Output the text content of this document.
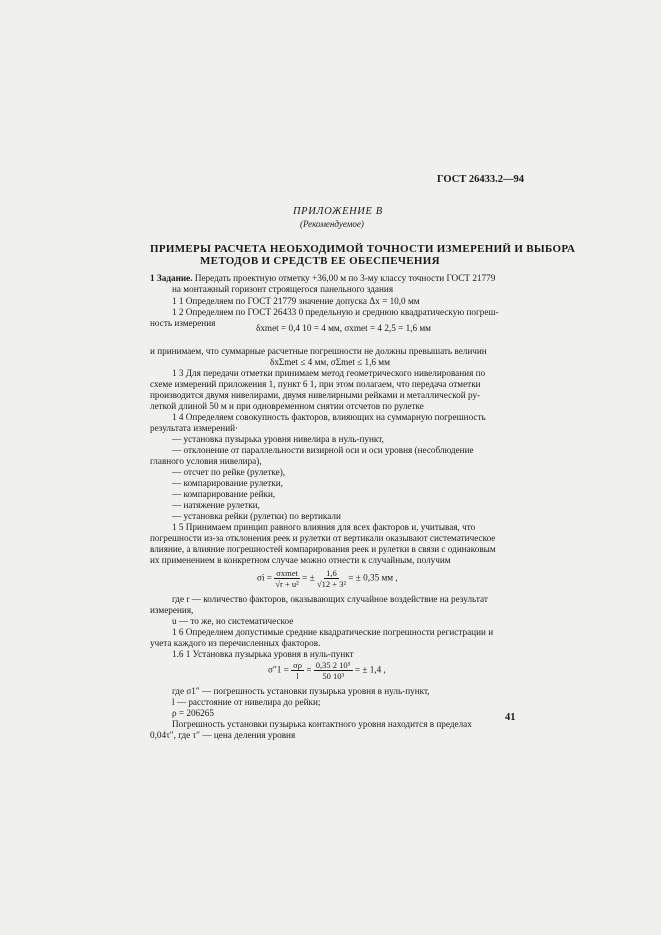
ГОСТ 26433.2—94
ПРИЛОЖЕНИЕ В
(Рекомендуемое)
ПРИМЕРЫ РАСЧЕТА НЕОБХОДИМОЙ ТОЧНОСТИ ИЗМЕРЕНИЙ И ВЫБОРА
МЕТОДОВ И СРЕДСТВ ЕЕ ОБЕСПЕЧЕНИЯ
1 Задание. Передать проектную отметку +36,00 м по 3-му классу точности ГОСТ 21779
на монтажный горизонт строящегося панельного здания
1 1 Определяем по ГОСТ 21779 значение допуска Δx = 10,0 мм
1 2 Определяем по ГОСТ 26433 0 предельную и среднюю квадратическую погреш-
ность измерения	δxmet = 0,4 10 = 4 мм, σxmet = 4 2,5 = 1,6 мм
и принимаем, что суммарные расчетные погрешности не должны превышать величин
δxΣmet ≤ 4 мм, σΣmet ≤ 1,6 мм
1 3 Для передачи отметки принимаем метод геометрического нивелирования по
схеме измерений приложения 1, пункт 6 1, при этом полагаем, что передача отметки
производится двумя нивелирами, двумя нивелирными рейками и металлической ру-
леткой длиной 50 м и при одновременном снятии отсчетов по рулетке
1 4 Определяем совокупность факторов, влияющих на суммарную погрешность
результата измерений·
— установка пузырька уровня нивелира в нуль-пункт,
— отклонение от параллельности визирной оси и оси уровня (несоблюдение
главного условия нивелира),
— отсчет по рейке (рулетке),
— компарирование рулетки,
— компарирование рейки,
— натяжение рулетки,
— установка рейки (рулетки) по вертикали
1 5 Принимаем принцип равного влияния для всех факторов и, учитывая, что
погрешности из-за отклонения реек и рулетки от вертикали оказывают систематическое
влияние, а влияние погрешностей компарирования реек и рулетки в связи с одинаковым
их применением в конкретном случае можно отнести к случайным, получим
$\sigma i = \frac{\text{σxmet}}{\text{√r + u²}}$ = ± $\frac{1,6}{\text{√12 + 3²}}$ = ± 0,35 мм ,
где r — количество факторов, оказывающих случайное воздействие на результат
измерения,
u — то же, но систематическое
1 6 Определяем допустимые средние квадратические погрешности регистрации и
учета каждого из перечисленных факторов.
1.6 1 Установка пузырька уровня в нуль-пункт
$\sigma''1 = \frac{\sigma\rho}{l} = \frac{\text{0,35 2 10⁵}}{\text{50 10³}}$ = ± 1,4 ,
где σ1″ — погрешность установки пузырька уровня в нуль-пункт,
l — расстояние от нивелира до рейки;
ρ = 206265
Погрешность установки пузырька контактного уровня находится в пределах
0,04τ″, где τ″ — цена деления уровня
41
